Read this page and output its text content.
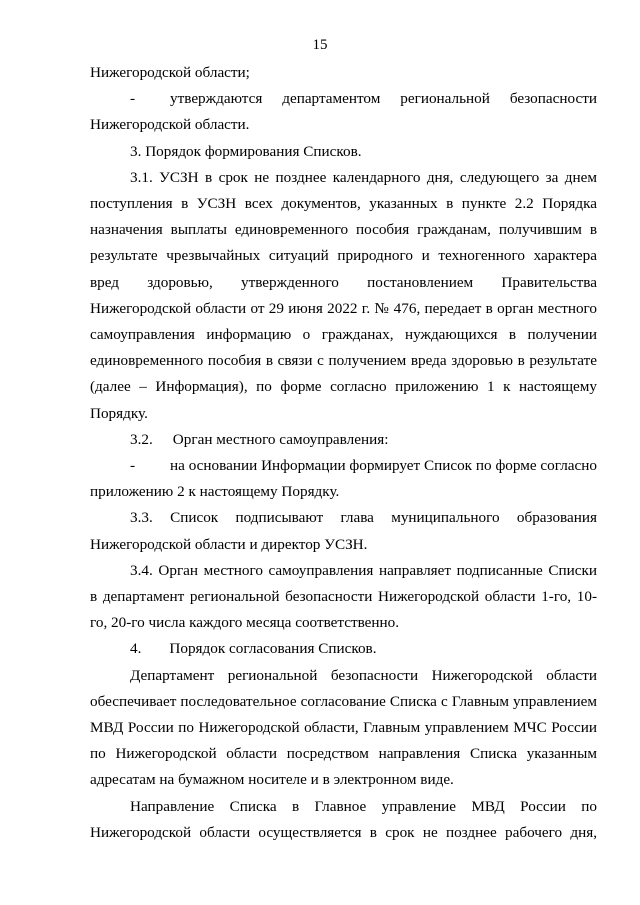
15

Нижегородской области;

-	утверждаются департаментом региональной безопасности

Нижегородской области.

3. Порядок формирования Списков.

3.1. УСЗН в срок не позднее календарного дня, следующего за днем поступления в УСЗН всех документов, указанных в пункте 2.2 Порядка назначения выплаты единовременного пособия гражданам, получившим в результате чрезвычайных ситуаций природного и техногенного характера вред здоровью, утвержденного постановлением Правительства Нижегородской области от 29 июня 2022 г. № 476, передает в орган местного самоуправления информацию о гражданах, нуждающихся в получении единовременного пособия в связи с получением вреда здоровью в результате (далее – Информация), по форме согласно приложению 1 к настоящему Порядку.

3.2. Орган местного самоуправления:

-	на основании Информации формирует Список по форме согласно

приложению 2 к настоящему Порядку.

3.3. Список подписывают глава муниципального образования

Нижегородской области и директор УСЗН.

3.4. Орган местного самоуправления направляет подписанные Списки в департамент региональной безопасности Нижегородской области 1-го, 10-го, 20-го числа каждого месяца соответственно.

4. Порядок согласования Списков.

Департамент региональной безопасности Нижегородской области обеспечивает последовательное согласование Списка с Главным управлением МВД России по Нижегородской области, Главным управлением МЧС России по Нижегородской области посредством направления Списка указанным адресатам на бумажном носителе и в электронном виде.

Направление Списка в Главное управление МВД России по Нижегородской области осуществляется в срок не позднее рабочего дня,
